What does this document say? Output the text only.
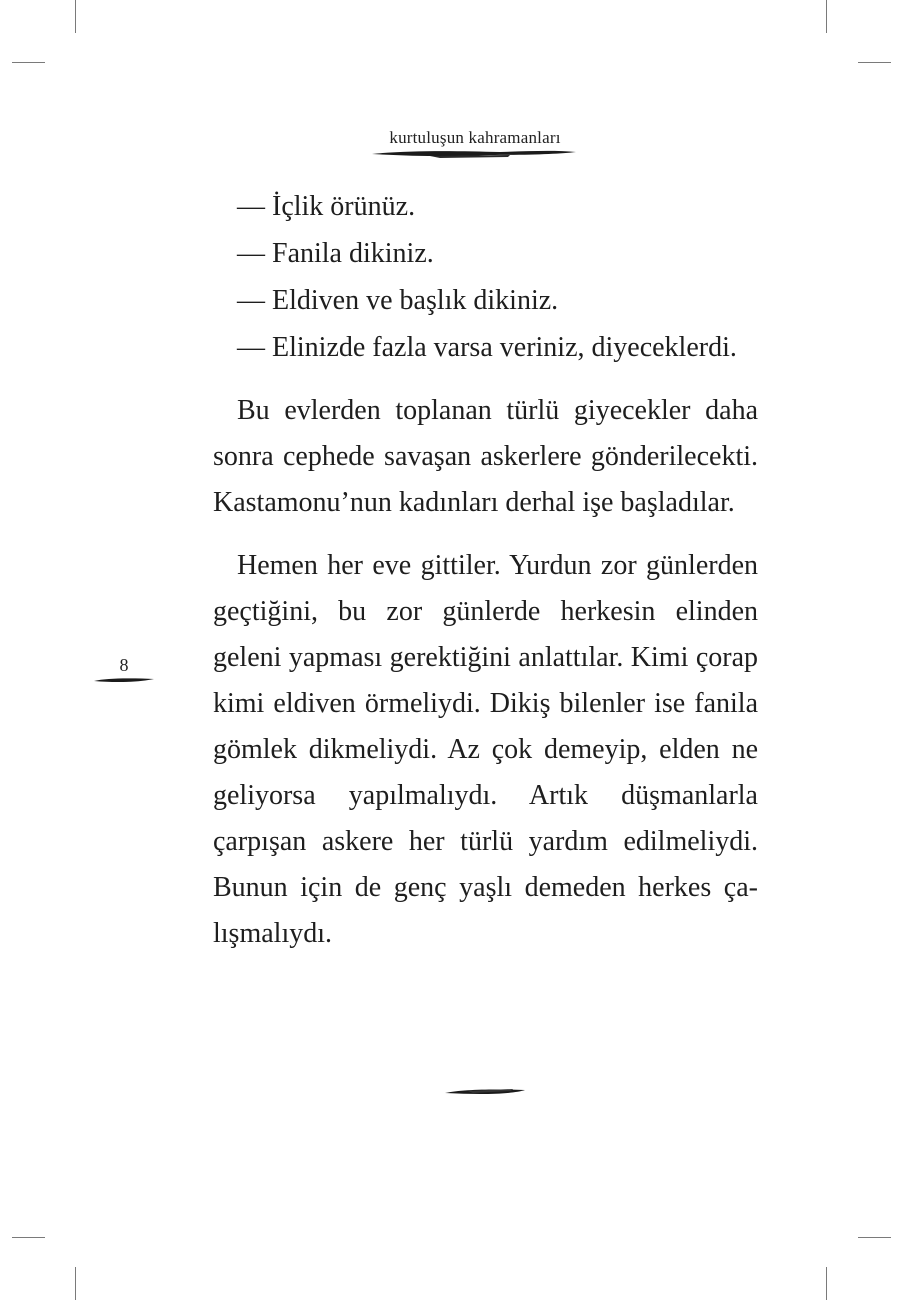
kurtuluşun kahramanları
8

— İçlik örünüz.

— Fanila dikiniz.

— Eldiven ve başlık dikiniz.

— Elinizde fazla varsa veriniz, diyeceklerdi.

Bu evlerden toplanan türlü giyecekler daha sonra cephede savaşan askerlere gönderilecekti. Kastamonu’nun kadınları derhal işe başladılar.

Hemen her eve gittiler. Yurdun zor günlerden geçtiğini, bu zor günlerde herkesin elinden geleni yapması gerektiğini anlattılar. Kimi çorap kimi eldiven örmeliydi. Dikiş bilenler ise fanila gömlek dikmeliydi. Az çok demeyip, elden ne geliyorsa yapılmalıydı. Artık düşmanlarla çarpışan askere her türlü yardım edilmeliydi. Bunun için de genç yaşlı demeden herkes çalışmalıydı.
